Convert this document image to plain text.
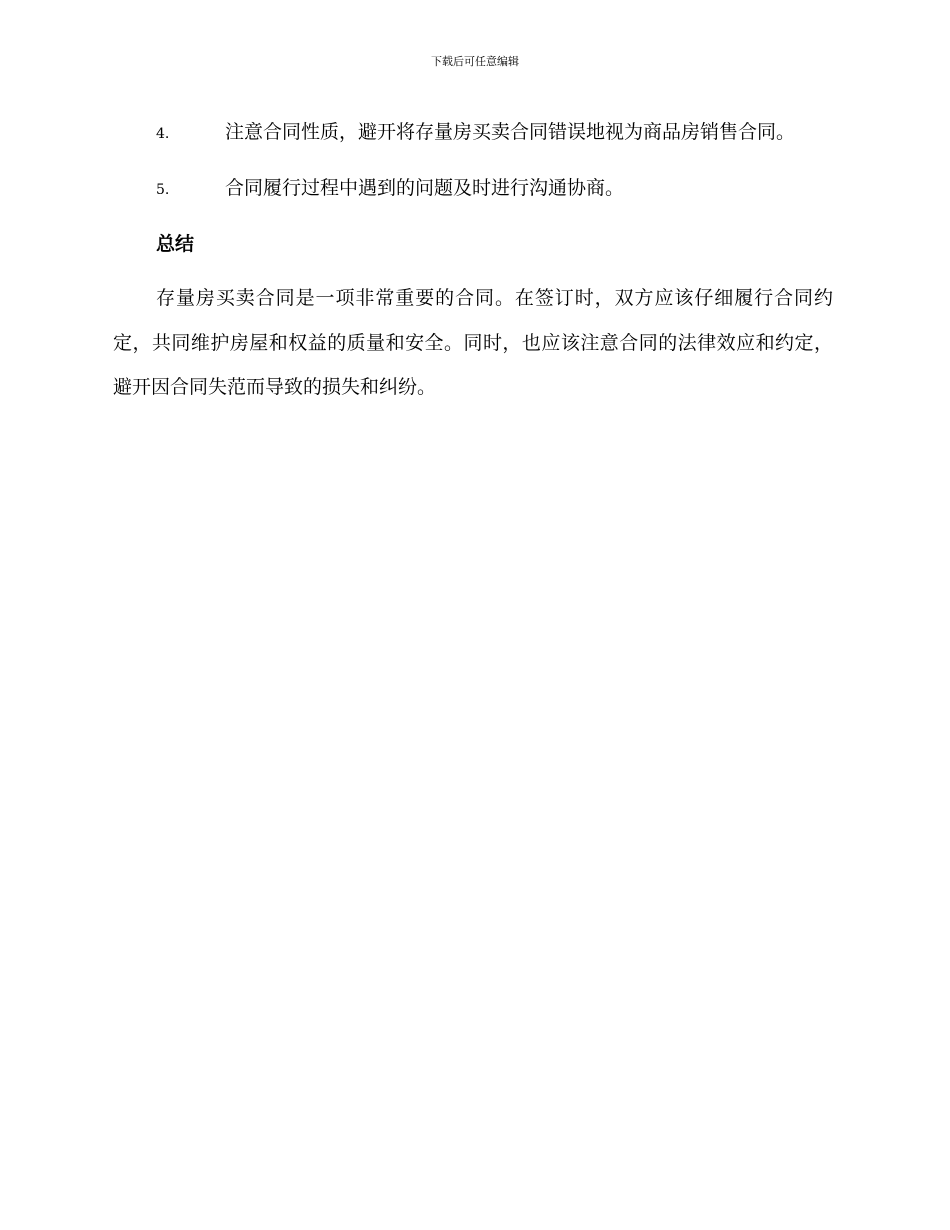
下载后可任意编辑

4.	注意合同性质，避开将存量房买卖合同错误地视为商品房销售合同。

5.	合同履行过程中遇到的问题及时进行沟通协商。

总结

存量房买卖合同是一项非常重要的合同。在签订时，双方应该仔细履行合同约定，共同维护房屋和权益的质量和安全。同时，也应该注意合同的法律效应和约定，避开因合同失范而导致的损失和纠纷。
